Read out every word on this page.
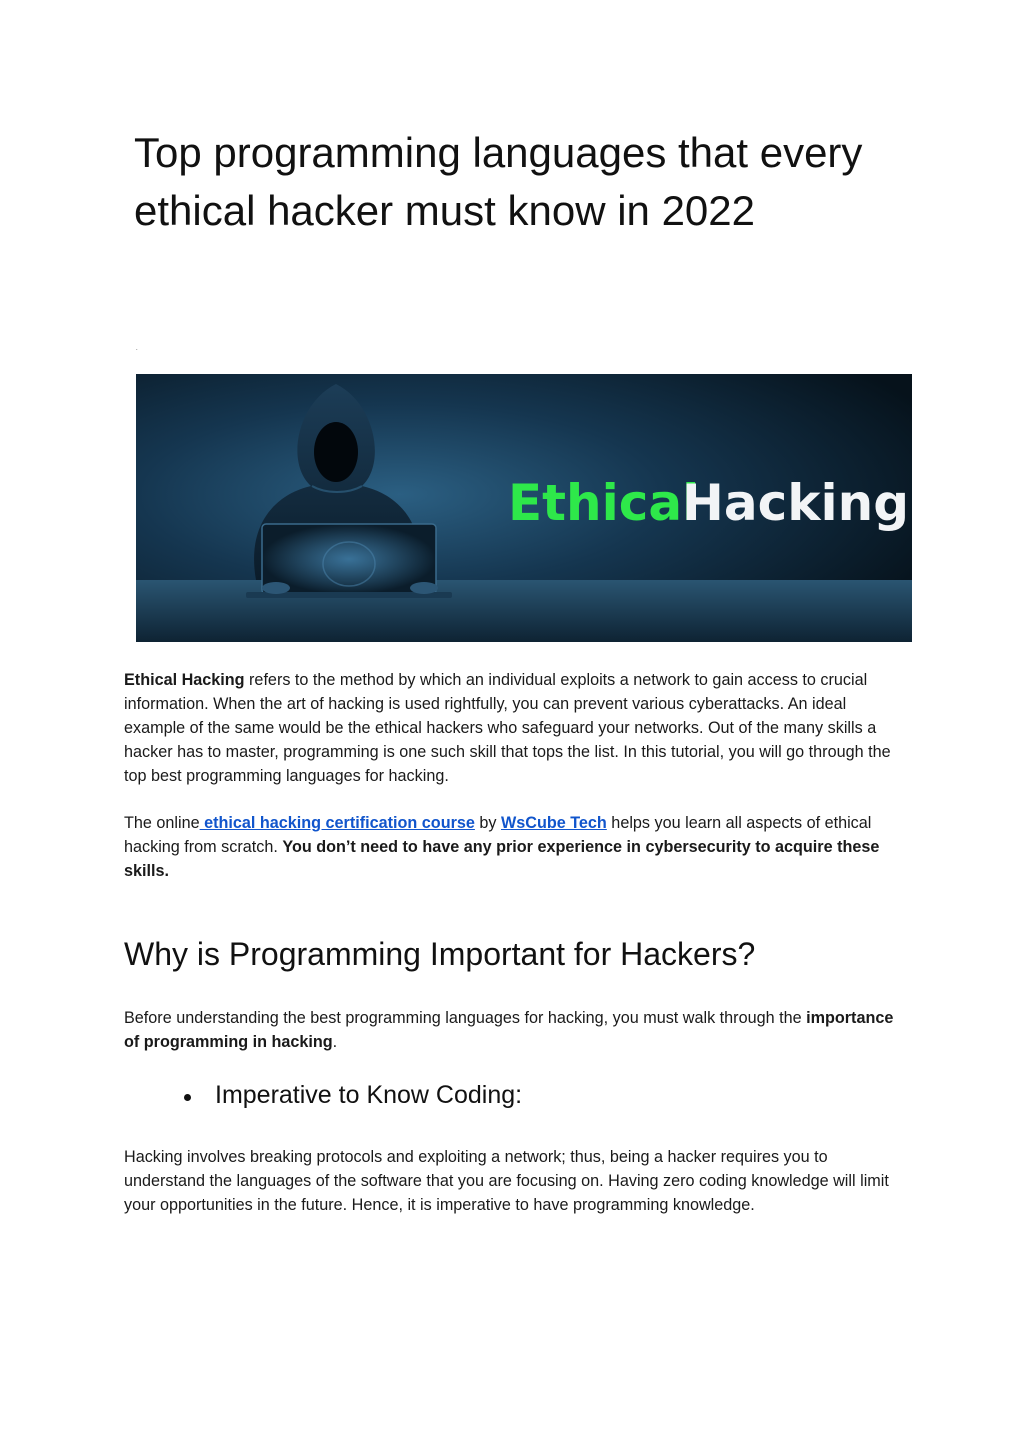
Top programming languages that every ethical hacker must know in 2022
.
Ethical
Hacking

Ethical Hacking refers to the method by which an individual exploits a network to gain access to crucial information. When the art of hacking is used rightfully, you can prevent various cyberattacks. An ideal example of the same would be the ethical hackers who safeguard your networks. Out of the many skills a hacker has to master, programming is one such skill that tops the list. In this tutorial, you will go through the top best programming languages for hacking.

The online ethical hacking certification course by WsCube Tech helps you learn all aspects of ethical hacking from scratch. You don’t need to have any prior experience in cybersecurity to acquire these skills.

Why is Programming Important for Hackers?

Before understanding the best programming languages for hacking, you must walk through the importance of programming in hacking.

Imperative to Know Coding:

Hacking involves breaking protocols and exploiting a network; thus, being a hacker requires you to understand the languages of the software that you are focusing on. Having zero coding knowledge will limit your opportunities in the future. Hence, it is imperative to have programming knowledge.
